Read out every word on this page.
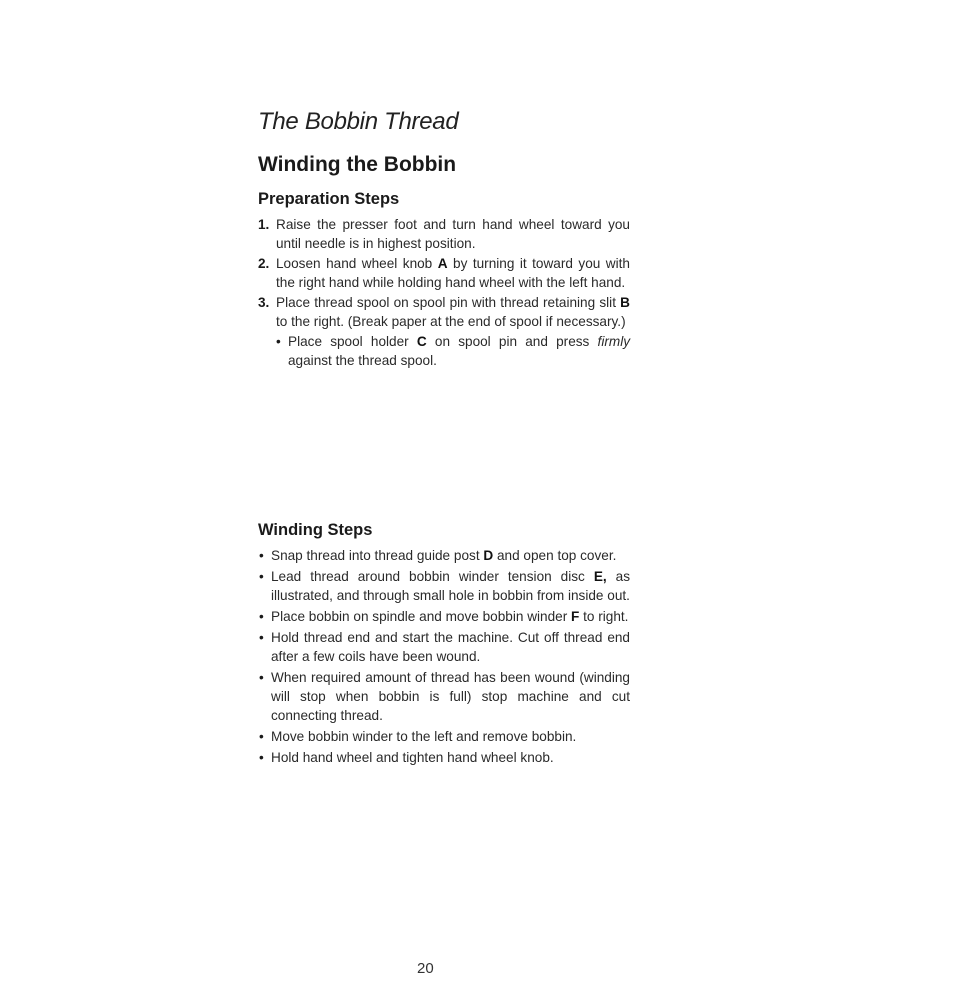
The Bobbin Thread
Winding the Bobbin
Preparation Steps
1. Raise the presser foot and turn hand wheel toward you until needle is in highest position.
2. Loosen hand wheel knob A by turning it toward you with the right hand while holding hand wheel with the left hand.
3. Place thread spool on spool pin with thread retaining slit B to the right. (Break paper at the end of spool if necessary.)
• Place spool holder C on spool pin and press firmly against the thread spool.
Winding Steps
• Snap thread into thread guide post D and open top cover.
• Lead thread around bobbin winder tension disc E, as illustrated, and through small hole in bobbin from inside out.
• Place bobbin on spindle and move bobbin winder F to right.
• Hold thread end and start the machine. Cut off thread end after a few coils have been wound.
• When required amount of thread has been wound (winding will stop when bobbin is full) stop machine and cut connecting thread.
• Move bobbin winder to the left and remove bobbin.
• Hold hand wheel and tighten hand wheel knob.
20
